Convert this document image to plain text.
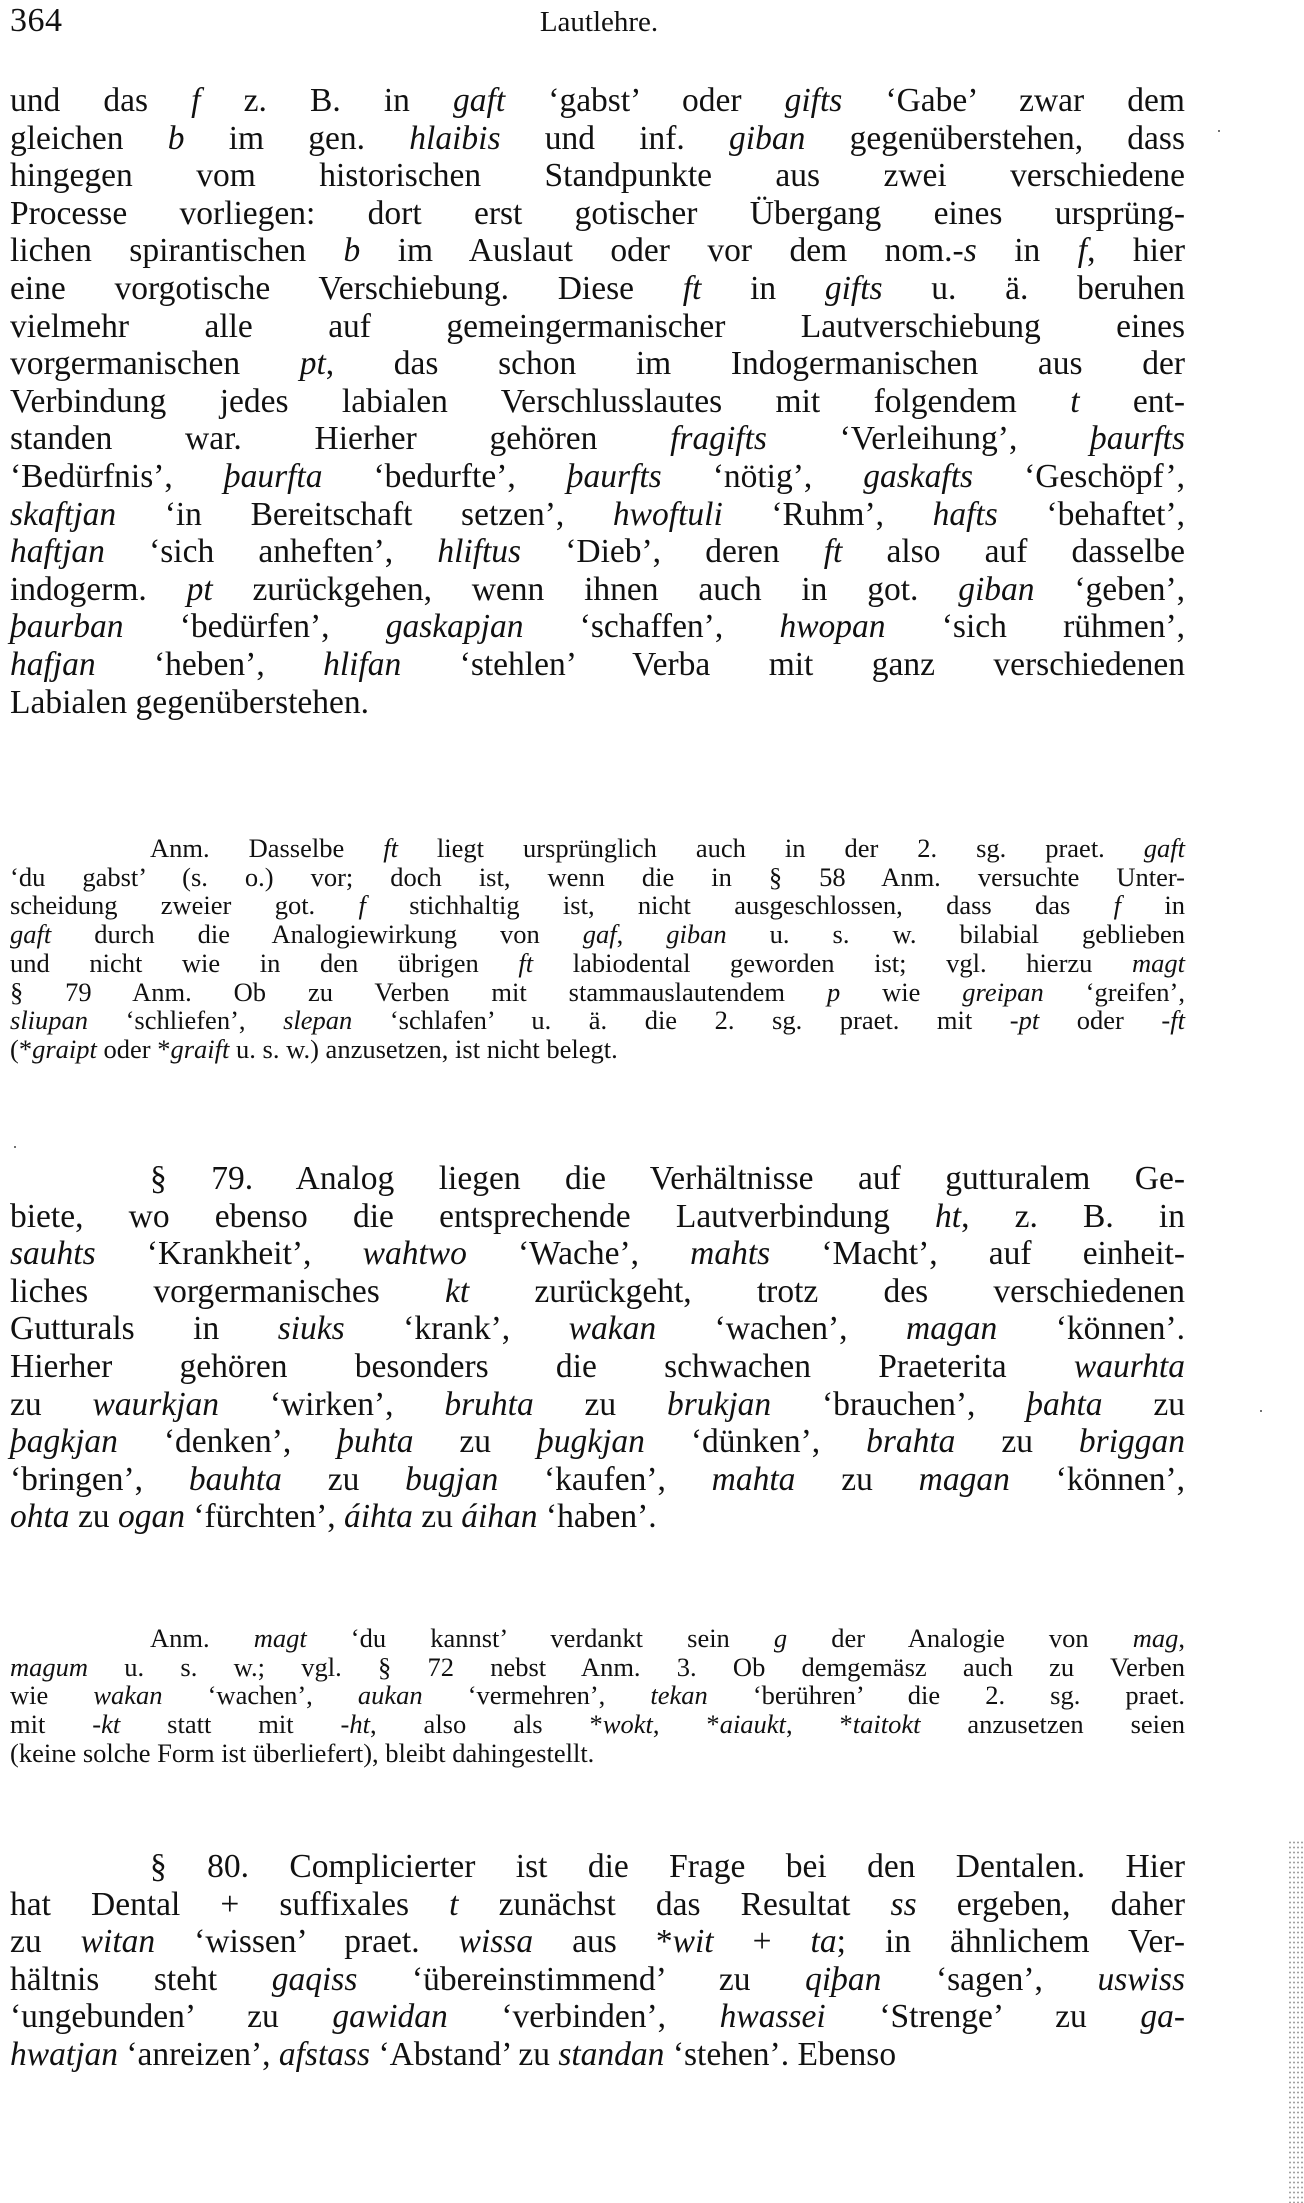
364	Lautlehre.
und das f z. B. in gaft ‘gabst’ oder gifts ‘Gabe’ zwar dem
gleichen b im gen. hlaibis und inf. giban gegenüberstehen, dass
hingegen vom historischen Standpunkte aus zwei verschiedene
Processe vorliegen: dort erst gotischer Übergang eines ursprüng-
lichen spirantischen b im Auslaut oder vor dem nom.-s in f, hier
eine vorgotische Verschiebung. Diese ft in gifts u. ä. beruhen
vielmehr alle auf gemeingermanischer Lautverschiebung eines
vorgermanischen pt, das schon im Indogermanischen aus der
Verbindung jedes labialen Verschlusslautes mit folgendem t ent-
standen war. Hierher gehören fragifts ‘Verleihung’, þaurfts
‘Bedürfnis’, þaurfta ‘bedurfte’, þaurfts ‘nötig’, gaskafts ‘Geschöpf’,
skaftjan ‘in Bereitschaft setzen’, hwoftuli ‘Ruhm’, hafts ‘behaftet’,
haftjan ‘sich anheften’, hliftus ‘Dieb’, deren ft also auf dasselbe
indogerm. pt zurückgehen, wenn ihnen auch in got. giban ‘geben’,
þaurban ‘bedürfen’, gaskapjan ‘schaffen’, hwopan ‘sich rühmen’,
hafjan ‘heben’, hlifan ‘stehlen’ Verba mit ganz verschiedenen
Labialen gegenüberstehen.
Anm. Dasselbe ft liegt ursprünglich auch in der 2. sg. praet. gaft
‘du gabst’ (s. o.) vor; doch ist, wenn die in § 58 Anm. versuchte Unter-
scheidung zweier got. f stichhaltig ist, nicht ausgeschlossen, dass das f in
gaft durch die Analogiewirkung von gaf, giban u. s. w. bilabial geblieben
und nicht wie in den übrigen ft labiodental geworden ist; vgl. hierzu magt
§ 79 Anm. Ob zu Verben mit stammauslautendem p wie greipan ‘greifen’,
sliupan ‘schliefen’, slepan ‘schlafen’ u. ä. die 2. sg. praet. mit -pt oder -ft
(*graipt oder *graift u. s. w.) anzusetzen, ist nicht belegt.
§ 79. Analog liegen die Verhältnisse auf gutturalem Ge-
biete, wo ebenso die entsprechende Lautverbindung ht, z. B. in
sauhts ‘Krankheit’, wahtwo ‘Wache’, mahts ‘Macht’, auf einheit-
liches vorgermanisches kt zurückgeht, trotz des verschiedenen
Gutturals in siuks ‘krank’, wakan ‘wachen’, magan ‘können’.
Hierher gehören besonders die schwachen Praeterita waurhta
zu waurkjan ‘wirken’, bruhta zu brukjan ‘brauchen’, þahta zu
þagkjan ‘denken’, þuhta zu þugkjan ‘dünken’, brahta zu briggan
‘bringen’, bauhta zu bugjan ‘kaufen’, mahta zu magan ‘können’,
ohta zu ogan ‘fürchten’, áihta zu áihan ‘haben’.
Anm. magt ‘du kannst’ verdankt sein g der Analogie von mag,
magum u. s. w.; vgl. § 72 nebst Anm. 3. Ob demgemäsz auch zu Verben
wie wakan ‘wachen’, aukan ‘vermehren’, tekan ‘berühren’ die 2. sg. praet.
mit -kt statt mit -ht, also als *wokt, *aiaukt, *taitokt anzusetzen seien
(keine solche Form ist überliefert), bleibt dahingestellt.
§ 80. Complicierter ist die Frage bei den Dentalen. Hier
hat Dental + suffixales t zunächst das Resultat ss ergeben, daher
zu witan ‘wissen’ praet. wissa aus *wit + ta; in ähnlichem Ver-
hältnis steht gaqiss ‘übereinstimmend’ zu qiþan ‘sagen’, uswiss
‘ungebunden’ zu gawidan ‘verbinden’, hwassei ‘Strenge’ zu ga-
hwatjan ‘anreizen’, afstass ‘Abstand’ zu standan ‘stehen’. Ebenso
